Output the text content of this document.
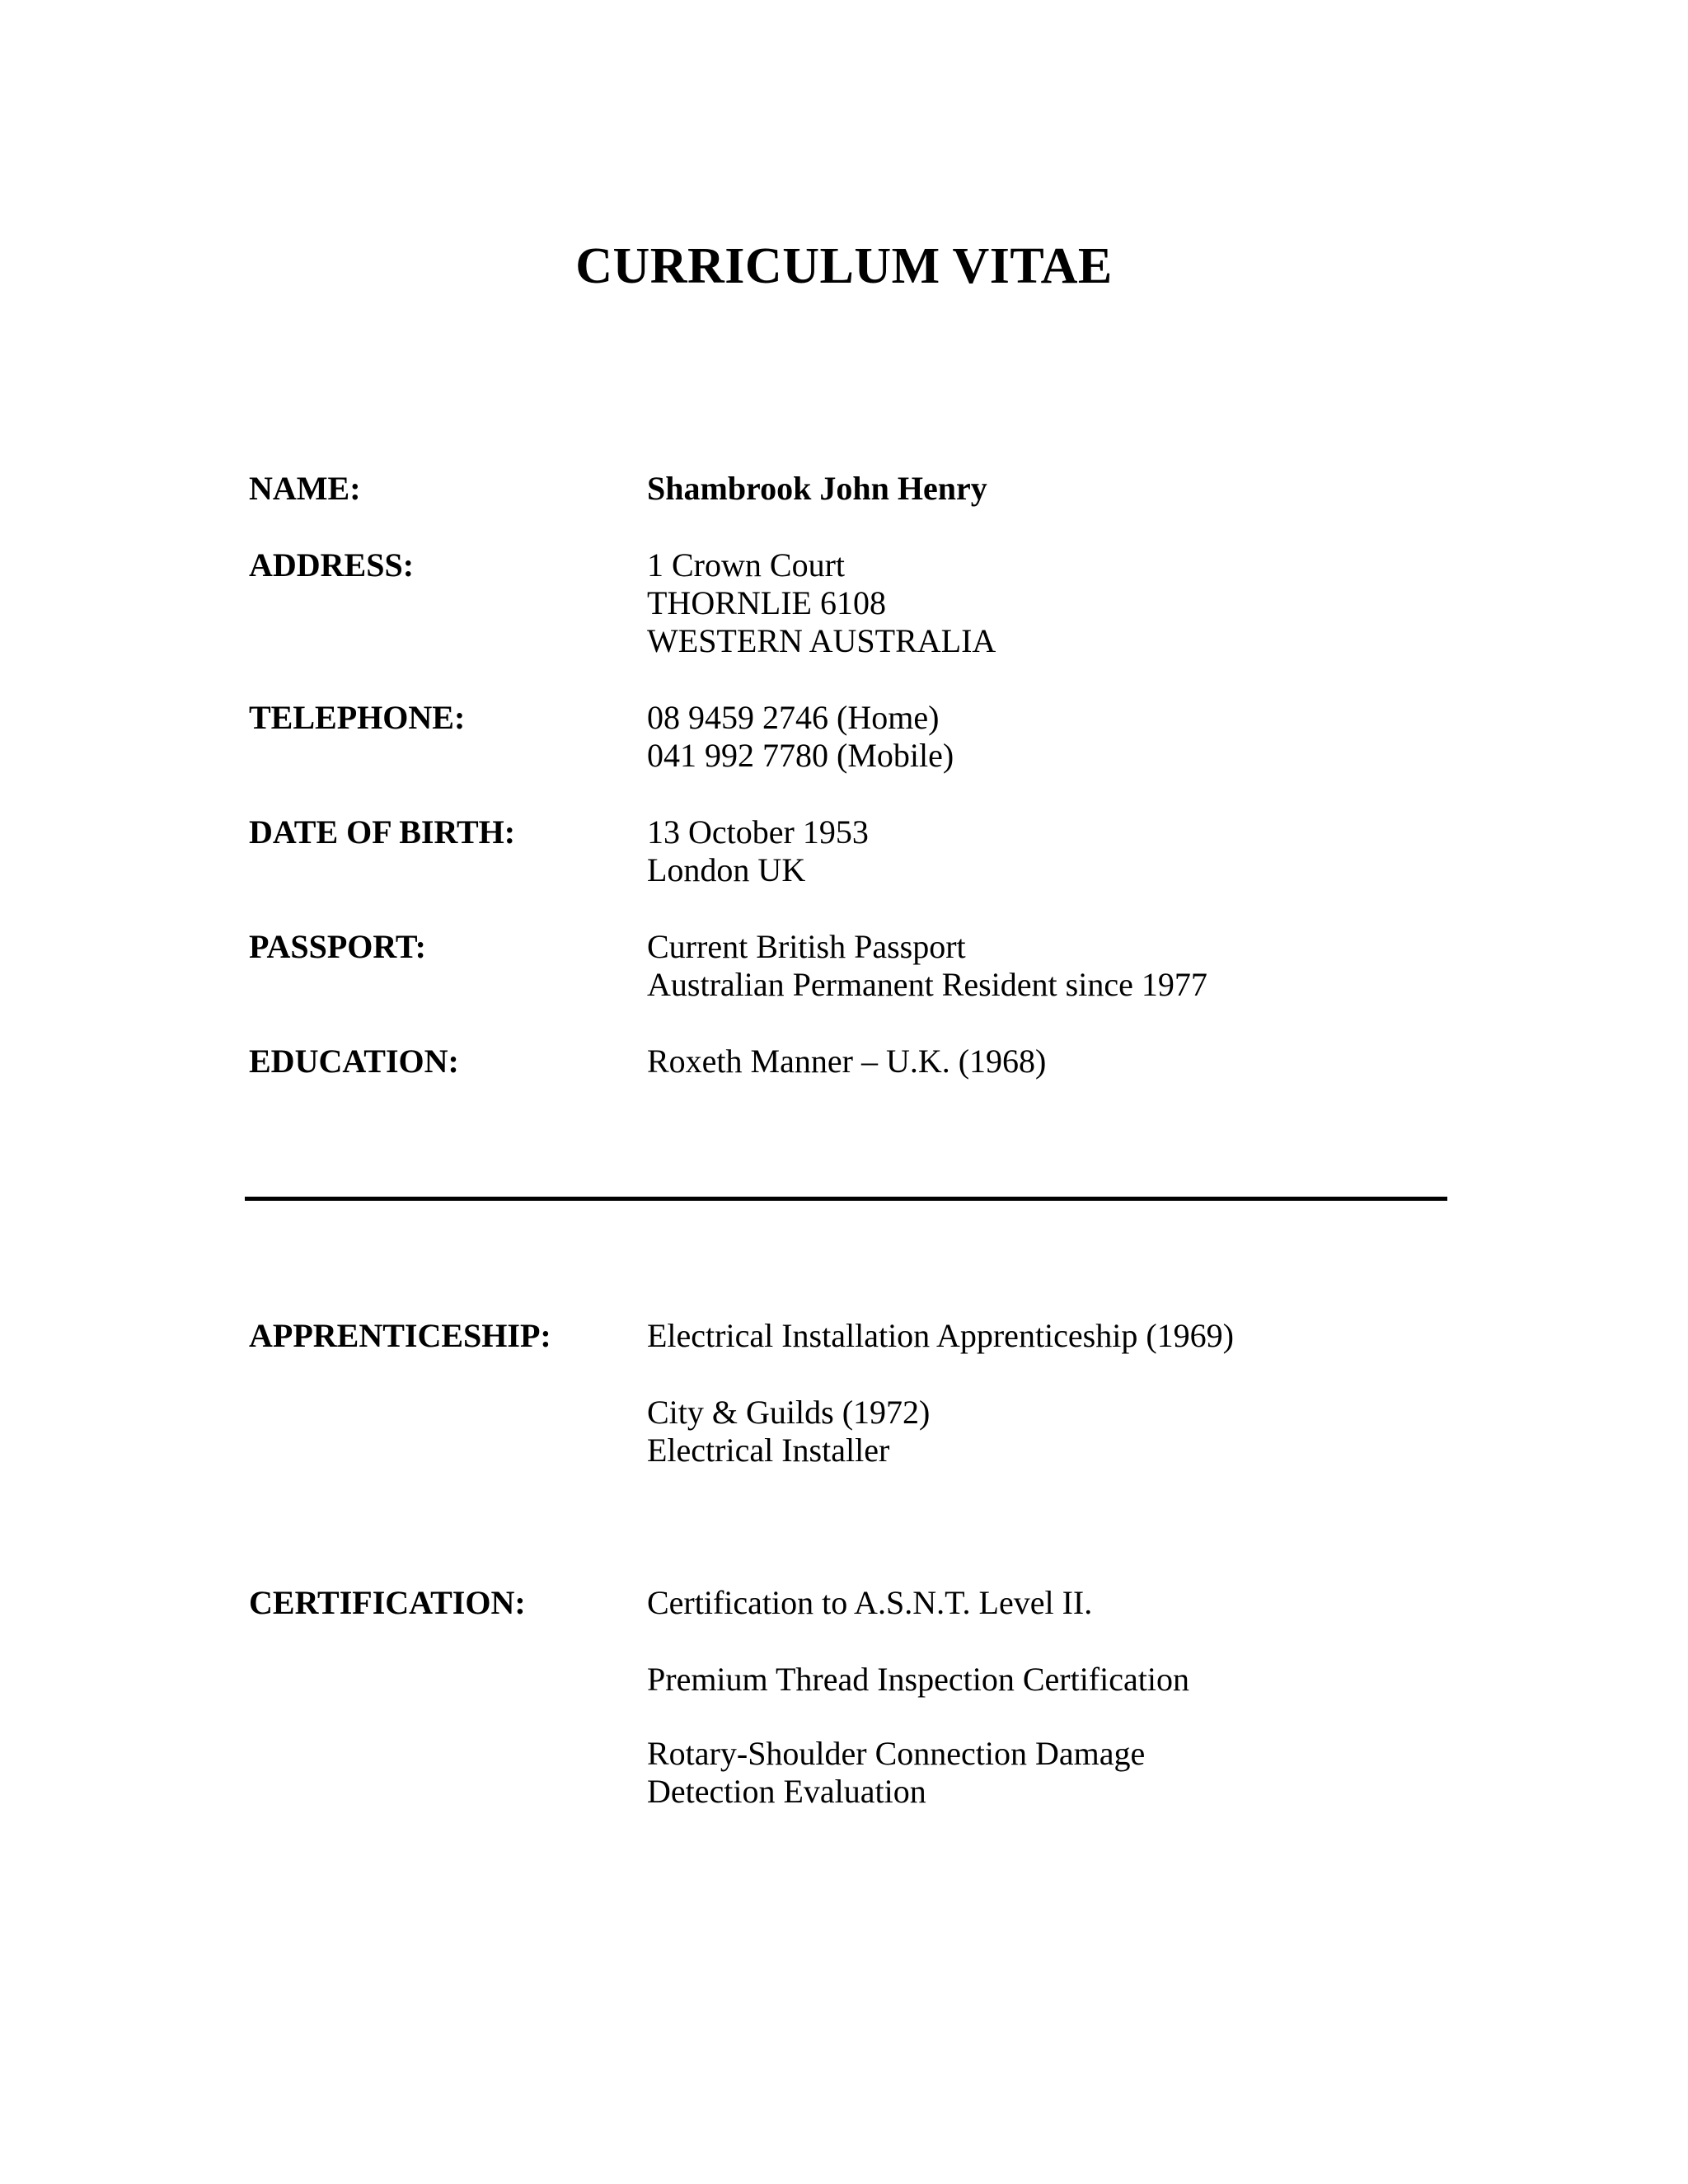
CURRICULUM VITAE
NAME:	Shambrook John Henry
ADDRESS:	1 Crown Court
THORNLIE 6108
WESTERN AUSTRALIA
TELEPHONE:	08 9459 2746 (Home)
041 992 7780 (Mobile)
DATE OF BIRTH:	13 October 1953
London UK
PASSPORT:	Current British Passport
Australian Permanent Resident since 1977
EDUCATION:	Roxeth Manner – U.K. (1968)
APPRENTICESHIP:	Electrical Installation Apprenticeship (1969)
City & Guilds (1972)
Electrical Installer
CERTIFICATION:	Certification to A.S.N.T. Level II.
Premium Thread Inspection Certification
Rotary-Shoulder Connection Damage
Detection Evaluation
